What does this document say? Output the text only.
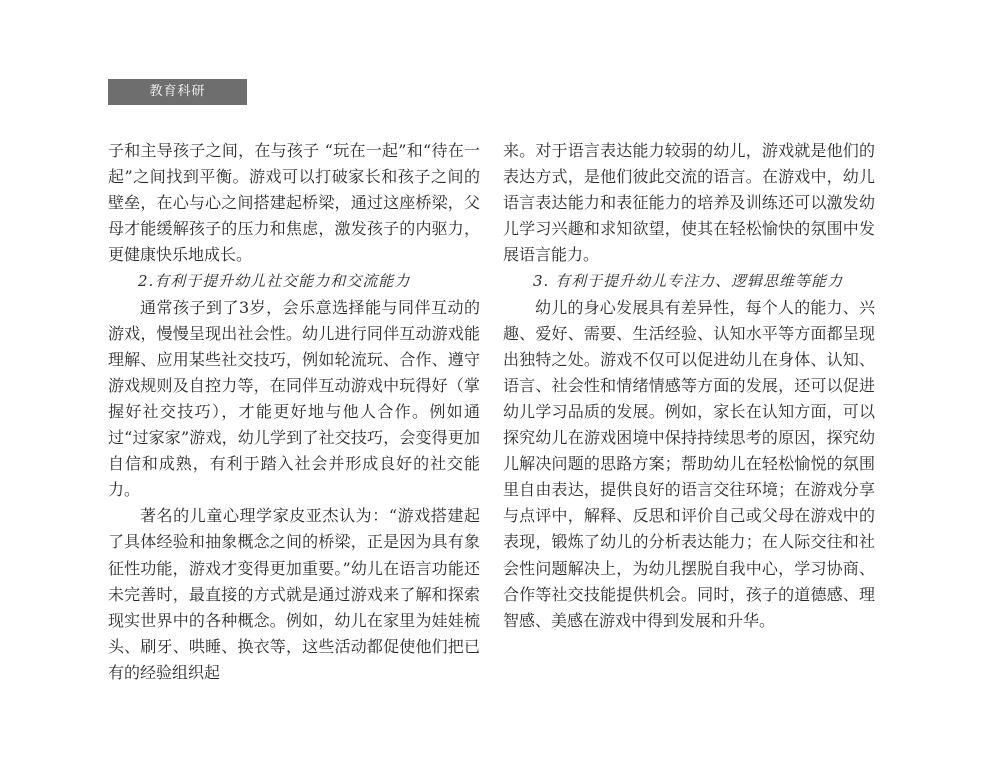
教育科研

子和主导孩子之间，在与孩子 “玩在一起”和“待在一起”之间找到平衡。游戏可以打破家长和孩子之间的壁垒，在心与心之间搭建起桥梁，通过这座桥梁，父母才能缓解孩子的压力和焦虑，激发孩子的内驱力，更健康快乐地成长。

2.有利于提升幼儿社交能力和交流能力

通常孩子到了3岁，会乐意选择能与同伴互动的游戏，慢慢呈现出社会性。幼儿进行同伴互动游戏能理解、应用某些社交技巧，例如轮流玩、合作、遵守游戏规则及自控力等，在同伴互动游戏中玩得好（掌握好社交技巧），才能更好地与他人合作。例如通过“过家家”游戏，幼儿学到了社交技巧，会变得更加自信和成熟，有利于踏入社会并形成良好的社交能力。

著名的儿童心理学家皮亚杰认为：“游戏搭建起了具体经验和抽象概念之间的桥梁，正是因为具有象征性功能，游戏才变得更加重要。”幼儿在语言功能还未完善时，最直接的方式就是通过游戏来了解和探索现实世界中的各种概念。例如，幼儿在家里为娃娃梳头、刷牙、哄睡、换衣等，这些活动都促使他们把已有的经验组织起

来。对于语言表达能力较弱的幼儿，游戏就是他们的表达方式，是他们彼此交流的语言。在游戏中，幼儿语言表达能力和表征能力的培养及训练还可以激发幼儿学习兴趣和求知欲望，使其在轻松愉快的氛围中发展语言能力。

3. 有利于提升幼儿专注力、逻辑思维等能力

幼儿的身心发展具有差异性，每个人的能力、兴趣、爱好、需要、生活经验、认知水平等方面都呈现出独特之处。游戏不仅可以促进幼儿在身体、认知、语言、社会性和情绪情感等方面的发展，还可以促进幼儿学习品质的发展。例如，家长在认知方面，可以探究幼儿在游戏困境中保持持续思考的原因，探究幼儿解决问题的思路方案；帮助幼儿在轻松愉悦的氛围里自由表达，提供良好的语言交往环境；在游戏分享与点评中，解释、反思和评价自己或父母在游戏中的表现，锻炼了幼儿的分析表达能力；在人际交往和社会性问题解决上，为幼儿摆脱自我中心，学习协商、合作等社交技能提供机会。同时，孩子的道德感、理智感、美感在游戏中得到发展和升华。
